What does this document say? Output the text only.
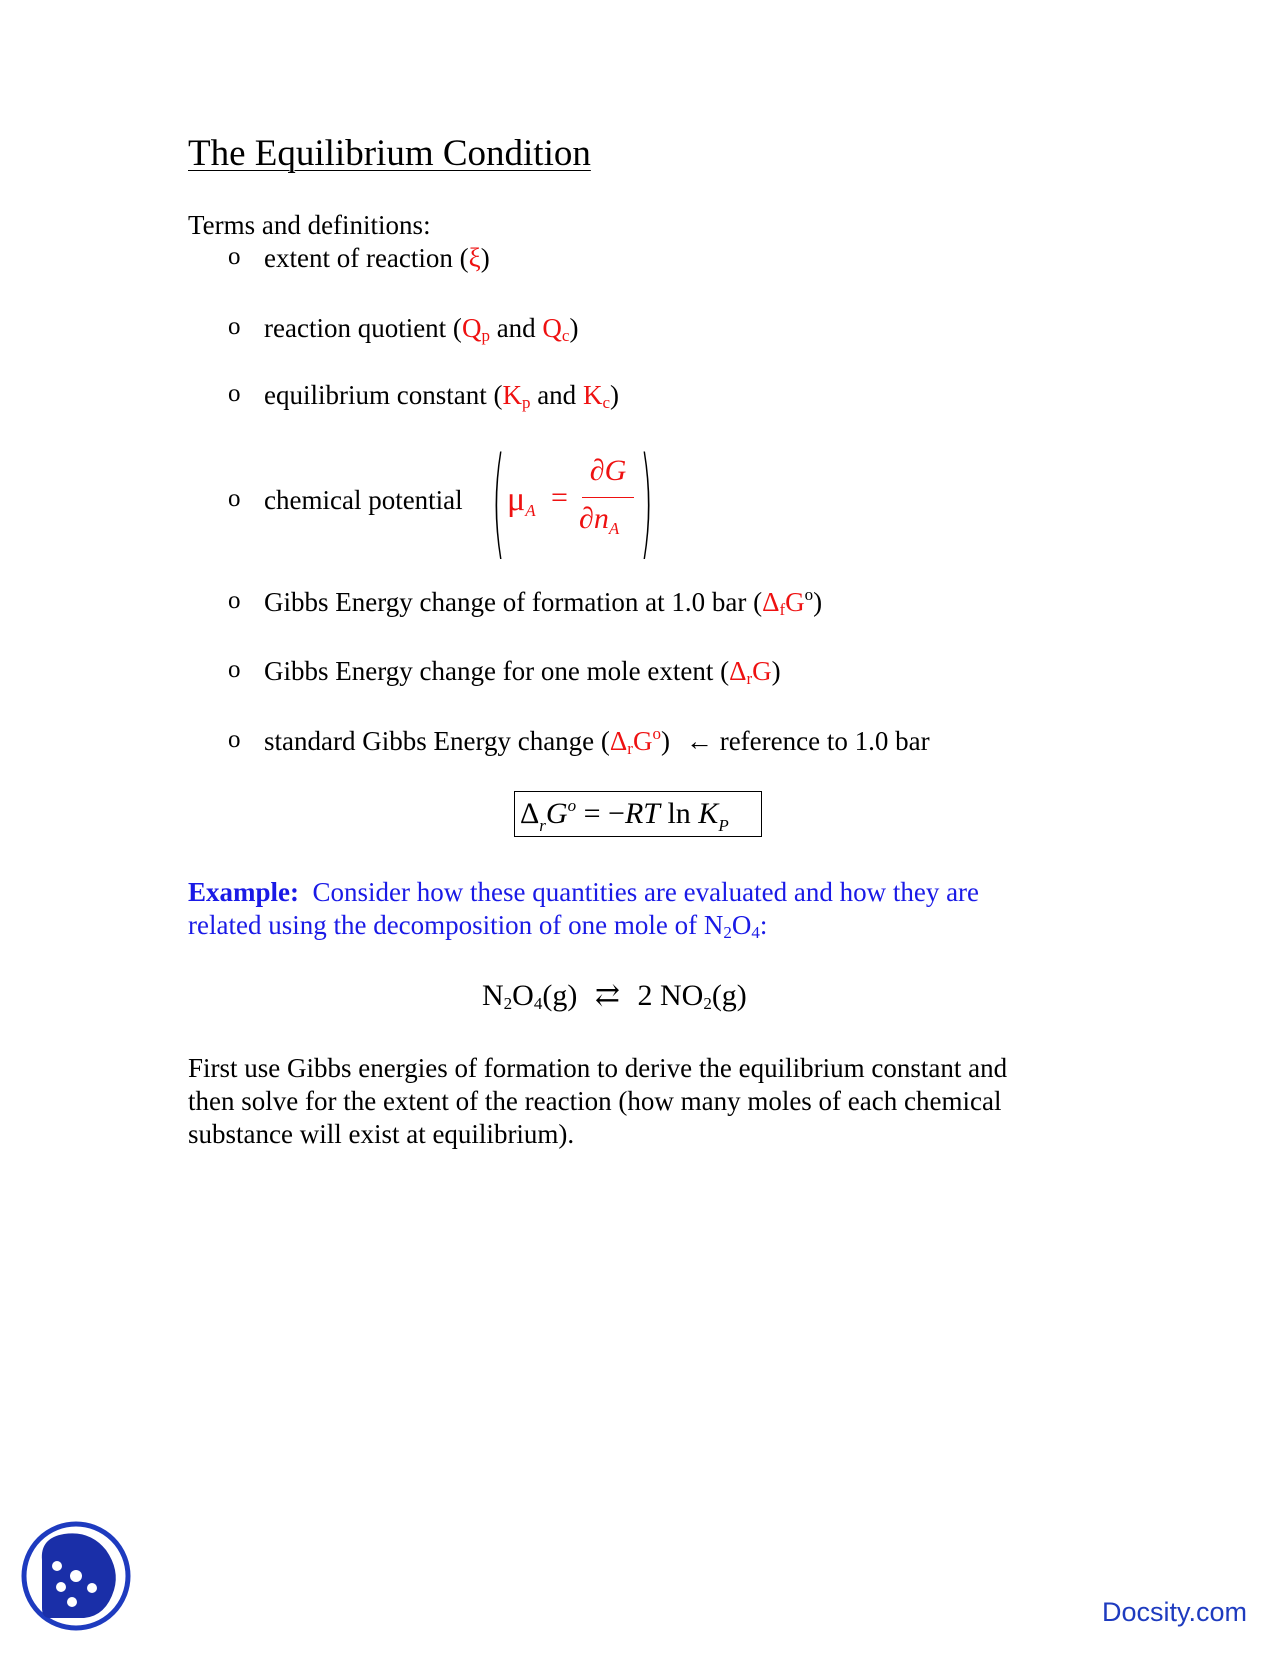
The Equilibrium Condition
Terms and definitions:
o extent of reaction (ξ)
o reaction quotient ($Q_p$ and $Q_c$)
o equilibrium constant ($K_p$ and $K_c$)
o chemical potential ( )
$\mu_A$ =
∂G
$\partial n_A$
o Gibbs Energy change of formation at 1.0 bar $(\Delta_fG^o)$
o Gibbs Energy change for one mole extent $(\Delta_rG)$
o standard Gibbs Energy change $(\Delta_rG^o)$ ← reference to 1.0 bar
$\Delta_rG^o = -RT$ $\ln K_P$
Example: Consider how these quantities are evaluated and how they are
related using the decomposition of one mole of $N_2O_4$:
$N_2O_4(g)$ ⇄ 2 $NO_2(g)$
First use Gibbs energies of formation to derive the equilibrium constant and
then solve for the extent of the reaction (how many moles of each chemical
substance will exist at equilibrium).
Docsity.com
